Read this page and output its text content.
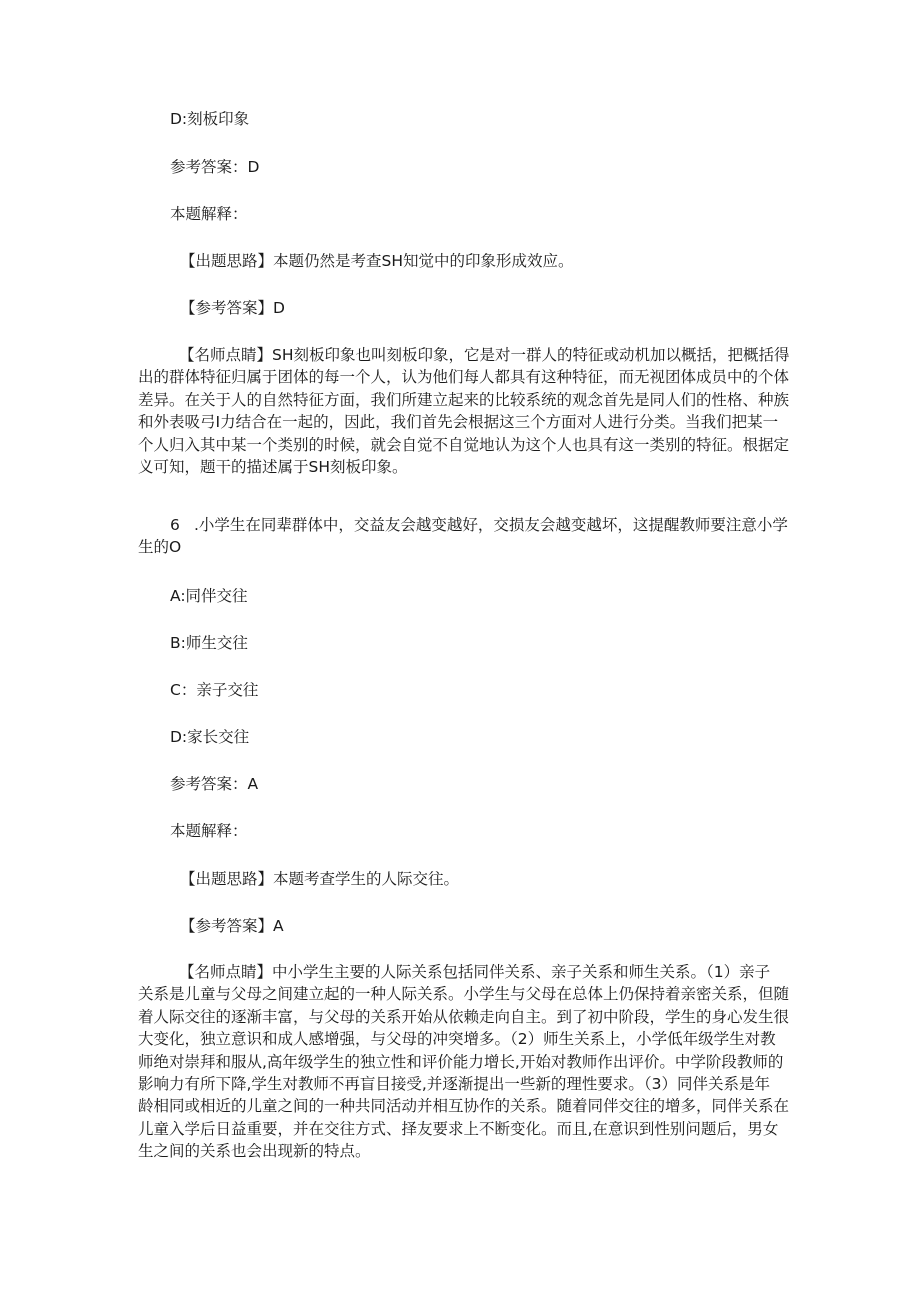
D:刻板印象
参考答案：D
本题解释：
【出题思路】本题仍然是考查SH知觉中的印象形成效应。
【参考答案】D

【名师点睛】SH刻板印象也叫刻板印象，它是对一群人的特征或动机加以概括，把概括得

出的群体特征归属于团体的每一个人，认为他们每人都具有这种特征，而无视团体成员中的个体

差异。在关于人的自然特征方面，我们所建立起来的比较系统的观念首先是同人们的性格、种族

和外表吸弓I力结合在一起的，因此，我们首先会根据这三个方面对人进行分类。当我们把某一

个人归入其中某一个类别的时候，就会自觉不自觉地认为这个人也具有这一类别的特征。根据定

义可知，题干的描述属于SH刻板印象。

6 .小学生在同辈群体中，交益友会越变越好，交损友会越变越坏，这提醒教师要注意小学

生的O

A:同伴交往
B:师生交往
C：亲子交往
D:家长交往
参考答案：A
本题解释：
【出题思路】本题考查学生的人际交往。
【参考答案】A

【名师点睛】中小学生主要的人际关系包括同伴关系、亲子关系和师生关系。（1）亲子

关系是儿童与父母之间建立起的一种人际关系。小学生与父母在总体上仍保持着亲密关系，但随

着人际交往的逐渐丰富，与父母的关系开始从依赖走向自主。到了初中阶段，学生的身心发生很

大变化，独立意识和成人感增强，与父母的冲突增多。（2）师生关系上，小学低年级学生对教

师绝对崇拜和服从,高年级学生的独立性和评价能力增长,开始对教师作出评价。中学阶段教师的

影响力有所下降,学生对教师不再盲目接受,并逐渐提出一些新的理性要求。（3）同伴关系是年

龄相同或相近的儿童之间的一种共同活动并相互协作的关系。随着同伴交往的增多，同伴关系在

儿童入学后日益重要，并在交往方式、择友要求上不断变化。而且,在意识到性别问题后，男女

生之间的关系也会出现新的特点。
